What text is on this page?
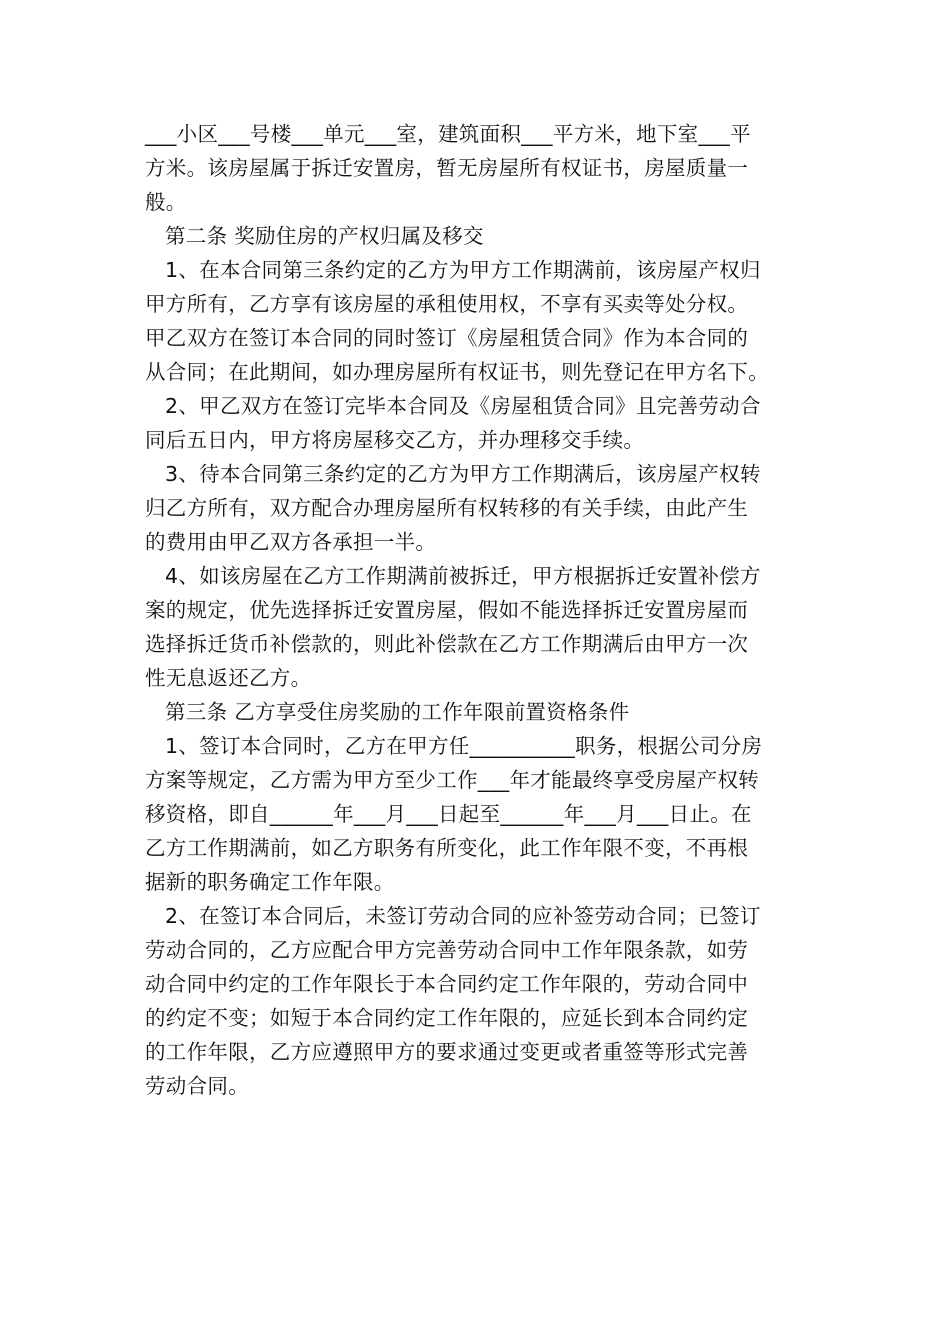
___小区___号楼___单元___室，建筑面积___平方米，地下室___平
方米。该房屋属于拆迁安置房，暂无房屋所有权证书，房屋质量一
般。
第二条 奖励住房的产权归属及移交
1、在本合同第三条约定的乙方为甲方工作期满前，该房屋产权归
甲方所有，乙方享有该房屋的承租使用权，不享有买卖等处分权。
甲乙双方在签订本合同的同时签订《房屋租赁合同》作为本合同的
从合同；在此期间，如办理房屋所有权证书，则先登记在甲方名下。
2、甲乙双方在签订完毕本合同及《房屋租赁合同》且完善劳动合
同后五日内，甲方将房屋移交乙方，并办理移交手续。
3、待本合同第三条约定的乙方为甲方工作期满后，该房屋产权转
归乙方所有，双方配合办理房屋所有权转移的有关手续，由此产生
的费用由甲乙双方各承担一半。
4、如该房屋在乙方工作期满前被拆迁，甲方根据拆迁安置补偿方
案的规定，优先选择拆迁安置房屋，假如不能选择拆迁安置房屋而
选择拆迁货币补偿款的，则此补偿款在乙方工作期满后由甲方一次
性无息返还乙方。
第三条 乙方享受住房奖励的工作年限前置资格条件
1、签订本合同时，乙方在甲方任__________职务，根据公司分房
方案等规定，乙方需为甲方至少工作___年才能最终享受房屋产权转
移资格，即自______年___月___日起至______年___月___日止。在
乙方工作期满前，如乙方职务有所变化，此工作年限不变，不再根
据新的职务确定工作年限。
2、在签订本合同后，未签订劳动合同的应补签劳动合同；已签订
劳动合同的，乙方应配合甲方完善劳动合同中工作年限条款，如劳
动合同中约定的工作年限长于本合同约定工作年限的，劳动合同中
的约定不变；如短于本合同约定工作年限的，应延长到本合同约定
的工作年限，乙方应遵照甲方的要求通过变更或者重签等形式完善
劳动合同。
